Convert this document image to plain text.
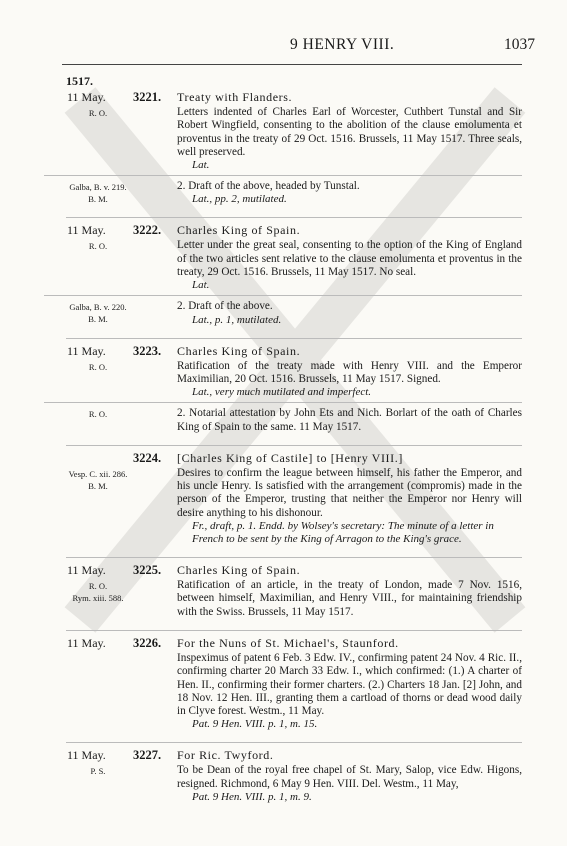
9 HENRY VIII.	1037
1517.
11 May.	3221. Treaty with Flanders.
R. O.	Letters indented of Charles Earl of Worcester, Cuthbert Tunstal and Sir Robert Wingfield, consenting to the abolition of the clause emolumenta et proventus in the treaty of 29 Oct. 1516. Brussels, 11 May 1517. Three seals, well preserved.
Lat.
Galba, B. v. 219.
B. M.
2. Draft of the above, headed by Tunstal.
Lat., pp. 2, mutilated.
11 May.	3222. Charles King of Spain.
R. O.	Letter under the great seal, consenting to the option of the King of England of the two articles sent relative to the clause emolumenta et proventus in the treaty, 29 Oct. 1516. Brussels, 11 May 1517. No seal.
Lat.
Galba, B. v. 220.
B. M.
2. Draft of the above.
Lat., p. 1, mutilated.
11 May.	3223. Charles King of Spain.
R. O.	Ratification of the treaty made with Henry VIII. and the Emperor Maximilian, 20 Oct. 1516. Brussels, 11 May 1517. Signed.
Lat., very much mutilated and imperfect.
R. O.	2. Notarial attestation by John Ets and Nich. Borlart of the oath of Charles King of Spain to the same. 11 May 1517.
3224. [Charles King of Castile] to [Henry VIII.]
Vesp. C. xii. 286.
B. M.
Desires to confirm the league between himself, his father the Emperor, and his uncle Henry. Is satisfied with the arrangement (compromis) made in the person of the Emperor, trusting that neither the Emperor nor Henry will desire anything to his dishonour.
Fr., draft, p. 1. Endd. by Wolsey's secretary: The minute of a letter in French to be sent by the King of Arragon to the King's grace.
11 May.	3225. Charles King of Spain.
R. O.
Rym. xiii. 588.
Ratification of an article, in the treaty of London, made 7 Nov. 1516, between himself, Maximilian, and Henry VIII., for maintaining friendship with the Swiss. Brussels, 11 May 1517.
11 May.	3226. For the Nuns of St. Michael's, Staunford.
Inspeximus of patent 6 Feb. 3 Edw. IV., confirming patent 24 Nov. 4 Ric. II., confirming charter 20 March 33 Edw. I., which confirmed: (1.) A charter of Hen. II., confirming their former charters. (2.) Charters 18 Jan. [2] John, and 18 Nov. 12 Hen. III., granting them a cartload of thorns or dead wood daily in Clyve forest. Westm., 11 May.
Pat. 9 Hen. VIII. p. 1, m. 15.
11 May.	3227. For Ric. Twyford.
P. S.	To be Dean of the royal free chapel of St. Mary, Salop, vice Edw. Higons, resigned. Richmond, 6 May 9 Hen. VIII. Del. Westm., 11 May,
Pat. 9 Hen. VIII. p. 1, m. 9.
